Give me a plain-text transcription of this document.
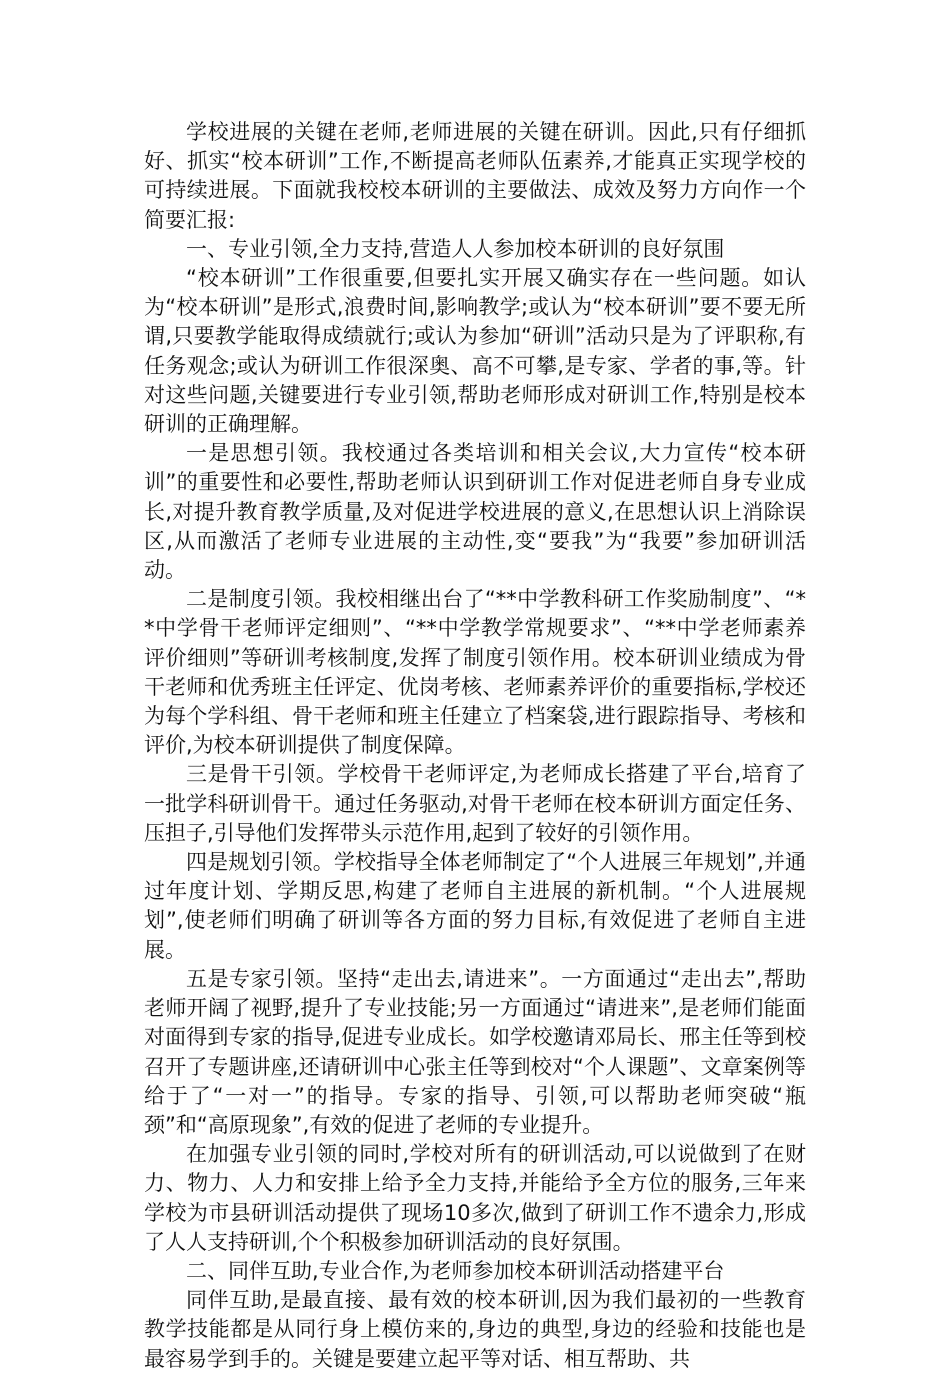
学校进展的关键在老师,老师进展的关键在研训。因此,只有仔细抓好、抓实“校本研训”工作,不断提高老师队伍素养,才能真正实现学校的可持续进展。下面就我校校本研训的主要做法、成效及努力方向作一个简要汇报:

一、专业引领,全力支持,营造人人参加校本研训的良好氛围

“校本研训”工作很重要,但要扎实开展又确实存在一些问题。如认为“校本研训”是形式,浪费时间,影响教学;或认为“校本研训”要不要无所谓,只要教学能取得成绩就行;或认为参加“研训”活动只是为了评职称,有任务观念;或认为研训工作很深奥、高不可攀,是专家、学者的事,等。针对这些问题,关键要进行专业引领,帮助老师形成对研训工作,特别是校本研训的正确理解。

一是思想引领。我校通过各类培训和相关会议,大力宣传“校本研训”的重要性和必要性,帮助老师认识到研训工作对促进老师自身专业成长,对提升教育教学质量,及对促进学校进展的意义,在思想认识上消除误区,从而激活了老师专业进展的主动性,变“要我”为“我要”参加研训活动。

二是制度引领。我校相继出台了“**中学教科研工作奖励制度”、“**中学骨干老师评定细则”、“**中学教学常规要求”、“**中学老师素养评价细则”等研训考核制度,发挥了制度引领作用。校本研训业绩成为骨干老师和优秀班主任评定、优岗考核、老师素养评价的重要指标,学校还为每个学科组、骨干老师和班主任建立了档案袋,进行跟踪指导、考核和评价,为校本研训提供了制度保障。

三是骨干引领。学校骨干老师评定,为老师成长搭建了平台,培育了一批学科研训骨干。通过任务驱动,对骨干老师在校本研训方面定任务、压担子,引导他们发挥带头示范作用,起到了较好的引领作用。

四是规划引领。学校指导全体老师制定了“个人进展三年规划”,并通过年度计划、学期反思,构建了老师自主进展的新机制。“个人进展规划”,使老师们明确了研训等各方面的努力目标,有效促进了老师自主进展。

五是专家引领。坚持“走出去,请进来”。一方面通过“走出去”,帮助老师开阔了视野,提升了专业技能;另一方面通过“请进来”,是老师们能面对面得到专家的指导,促进专业成长。如学校邀请邓局长、邢主任等到校召开了专题讲座,还请研训中心张主任等到校对“个人课题”、文章案例等给于了“一对一”的指导。专家的指导、引领,可以帮助老师突破“瓶颈”和“高原现象”,有效的促进了老师的专业提升。

在加强专业引领的同时,学校对所有的研训活动,可以说做到了在财力、物力、人力和安排上给予全力支持,并能给予全方位的服务,三年来学校为市县研训活动提供了现场10多次,做到了研训工作不遗余力,形成了人人支持研训,个个积极参加研训活动的良好氛围。

二、同伴互助,专业合作,为老师参加校本研训活动搭建平台

同伴互助,是最直接、最有效的校本研训,因为我们最初的一些教育教学技能都是从同行身上模仿来的,身边的典型,身边的经验和技能也是最容易学到手的。关键是要建立起平等对话、相互帮助、共
